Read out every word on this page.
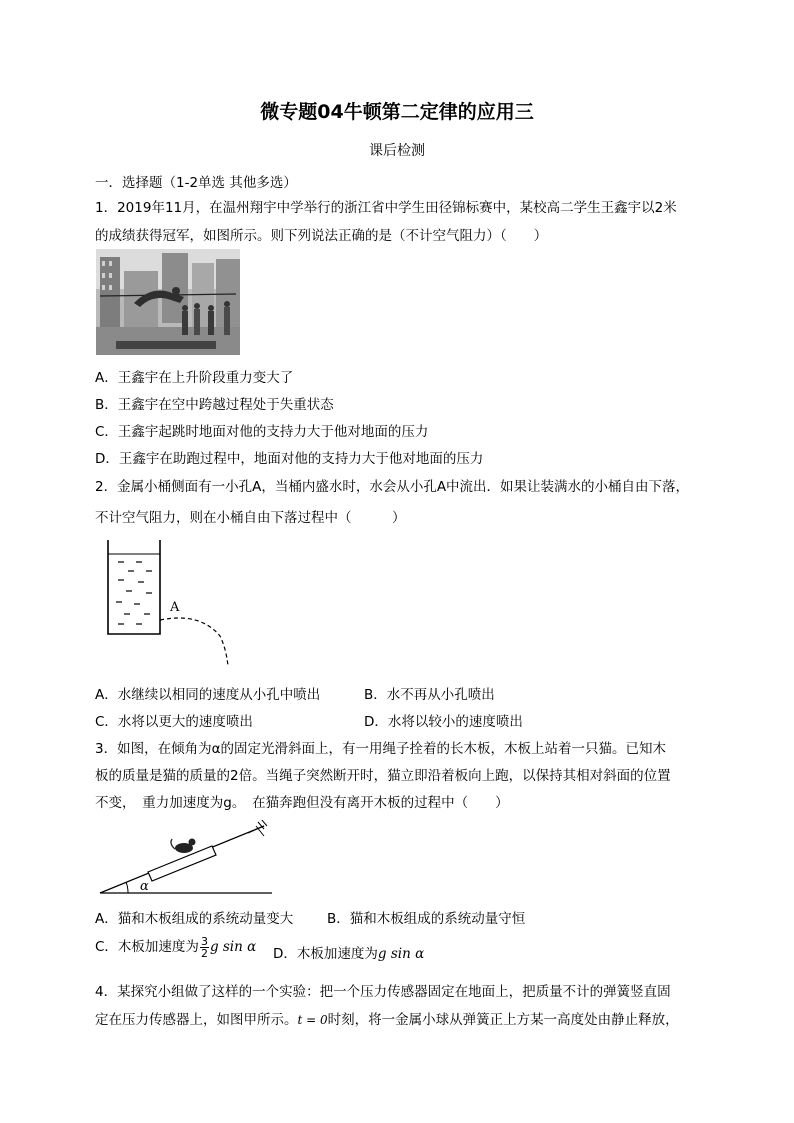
微专题04牛顿第二定律的应用三
课后检测
一．选择题（1-2单选 其他多选）
1．2019年11月，在温州翔宇中学举行的浙江省中学生田径锦标赛中，某校高二学生王鑫宇以2米
的成绩获得冠军，如图所示。则下列说法正确的是（不计空气阻力）（　　）
A．王鑫宇在上升阶段重力变大了
B．王鑫宇在空中跨越过程处于失重状态
C．王鑫宇起跳时地面对他的支持力大于他对地面的压力
D．王鑫宇在助跑过程中，地面对他的支持力大于他对地面的压力
2．金属小桶侧面有一小孔A，当桶内盛水时，水会从小孔A中流出．如果让装满水的小桶自由下落，
不计空气阻力，则在小桶自由下落过程中（　　　）
A
A．水继续以相同的速度从小孔中喷出	B．水不再从小孔喷出
C．水将以更大的速度喷出	D．水将以较小的速度喷出
3．如图，在倾角为α的固定光滑斜面上，有一用绳子拴着的长木板，木板上站着一只猫。已知木
板的质量是猫的质量的2倍。当绳子突然断开时，猫立即沿着板向上跑，以保持其相对斜面的位置
不变，　重力加速度为g。　在猫奔跑但没有离开木板的过程中（　　）
α
A．猫和木板组成的系统动量变大	B．猫和木板组成的系统动量守恒
C．木板加速度为 $\frac{3}{2}$ g sin α D．木板加速度为g sin α
4．某探究小组做了这样的一个实验：把一个压力传感器固定在地面上，把质量不计的弹簧竖直固
定在压力传感器上，如图甲所示。t = 0时刻，将一金属小球从弹簧正上方某一高度处由静止释放，
